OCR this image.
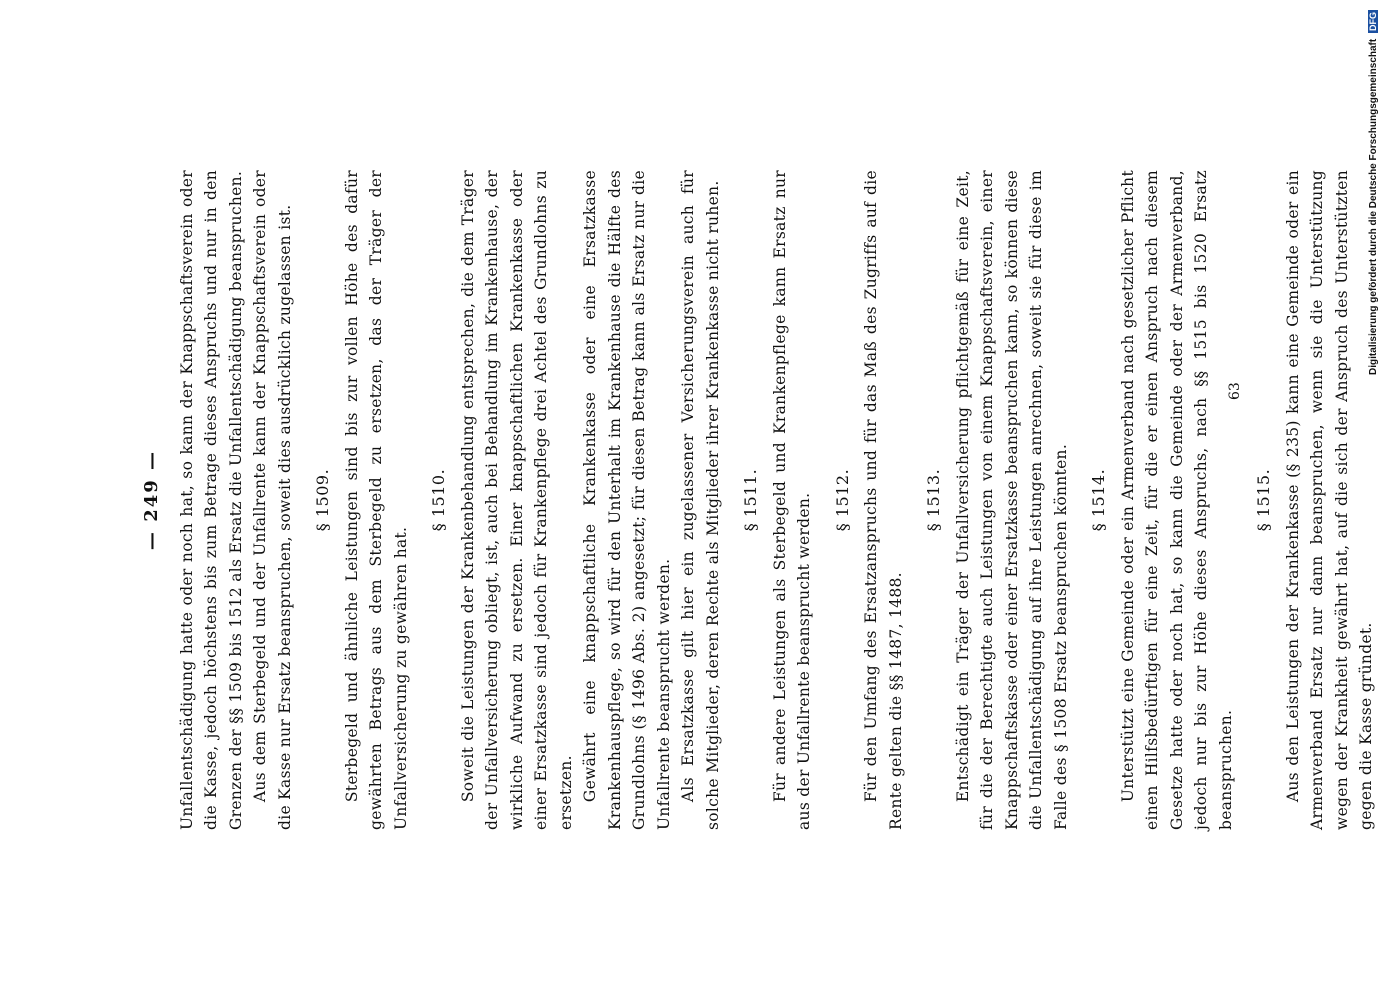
— 249 — Unfallentschädigung hatte oder noch hat, so kann der Knappschaftsverein oder die Kasse, jedoch höchstens bis zum Betrage dieses Anspruchs und nur in den Grenzen der §§ 1509 bis 1512 als Ersatz die Unfallentschädigung beanspruchen. Aus dem Sterbegeld und der Unfallrente kann der Knappschaftsverein oder die Kasse nur Ersatz beanspruchen, soweit dies ausdrücklich zugelassen ist. § 1509. Sterbegeld und ähnliche Leistungen sind bis zur vollen Höhe des dafür gewährten Betrags aus dem Sterbegeld zu ersetzen, das der Träger der Unfallversicherung zu gewähren hat.

§ 1510. Soweit die Leistungen der Krankenbehandlung entsprechen, die dem Träger der Unfallversicherung obliegt, ist, auch bei Behandlung im Krankenhause, der wirkliche Aufwand zu ersetzen. Einer knappschaftlichen Krankenkasse oder einer Ersatzkasse sind jedoch für Krankenpflege drei Achtel des Grundlohns zu ersetzen. Gewährt eine knappschaftliche Krankenkasse oder eine Ersatzkasse Krankenhauspflege, so wird für den Unterhalt im Krankenhause die Hälfte des Grundlohns (§ 1496 Abs. 2) angesetzt; für diesen Betrag kann als Ersatz nur die Unfallrente beansprucht werden. Als Ersatzkasse gilt hier ein zugelassener Versicherungsverein auch für solche Mitglieder, deren Rechte als Mitglieder ihrer Krankenkasse nicht ruhen. § 1511. Für andere Leistungen als Sterbegeld und Krankenpflege kann Ersatz nur aus der Unfallrente beansprucht werden. § 1512. Für den Umfang des Ersatzanspruchs und für das Maß des Zugriffs auf die Rente gelten die §§ 1487, 1488.

§ 1513. Entschädigt ein Träger der Unfallversicherung pflichtgemäß für eine Zeit, für die der Berechtigte auch Leistungen von einem Knappschaftsverein, einer Knappschaftskasse oder einer Ersatzkasse beanspruchen kann, so können diese die Unfallentschädigung auf ihre Leistungen anrechnen, soweit sie für diese im Falle des § 1508 Ersatz beanspruchen könnten. § 1514. Unterstützt eine Gemeinde oder ein Armenverband nach gesetzlicher Pflicht einen Hilfsbedürftigen für eine Zeit, für die er einen Anspruch nach diesem Gesetze hatte oder noch hat, so kann die Gemeinde oder der Armenverband, jedoch nur bis zur Höhe dieses Anspruchs, nach §§ 1515 bis 1520 Ersatz beanspruchen.

§ 1515. Aus den Leistungen der Krankenkasse (§ 235) kann eine Gemeinde oder ein Armenverband Ersatz nur dann beanspruchen, wenn sie die Unterstützung wegen der Krankheit gewährt hat, auf die sich der Anspruch des Unterstützten gegen die Kasse gründet.

63
Digitalisierung gefördert durch die Deutsche Forschungsgemeinschaft DFG
